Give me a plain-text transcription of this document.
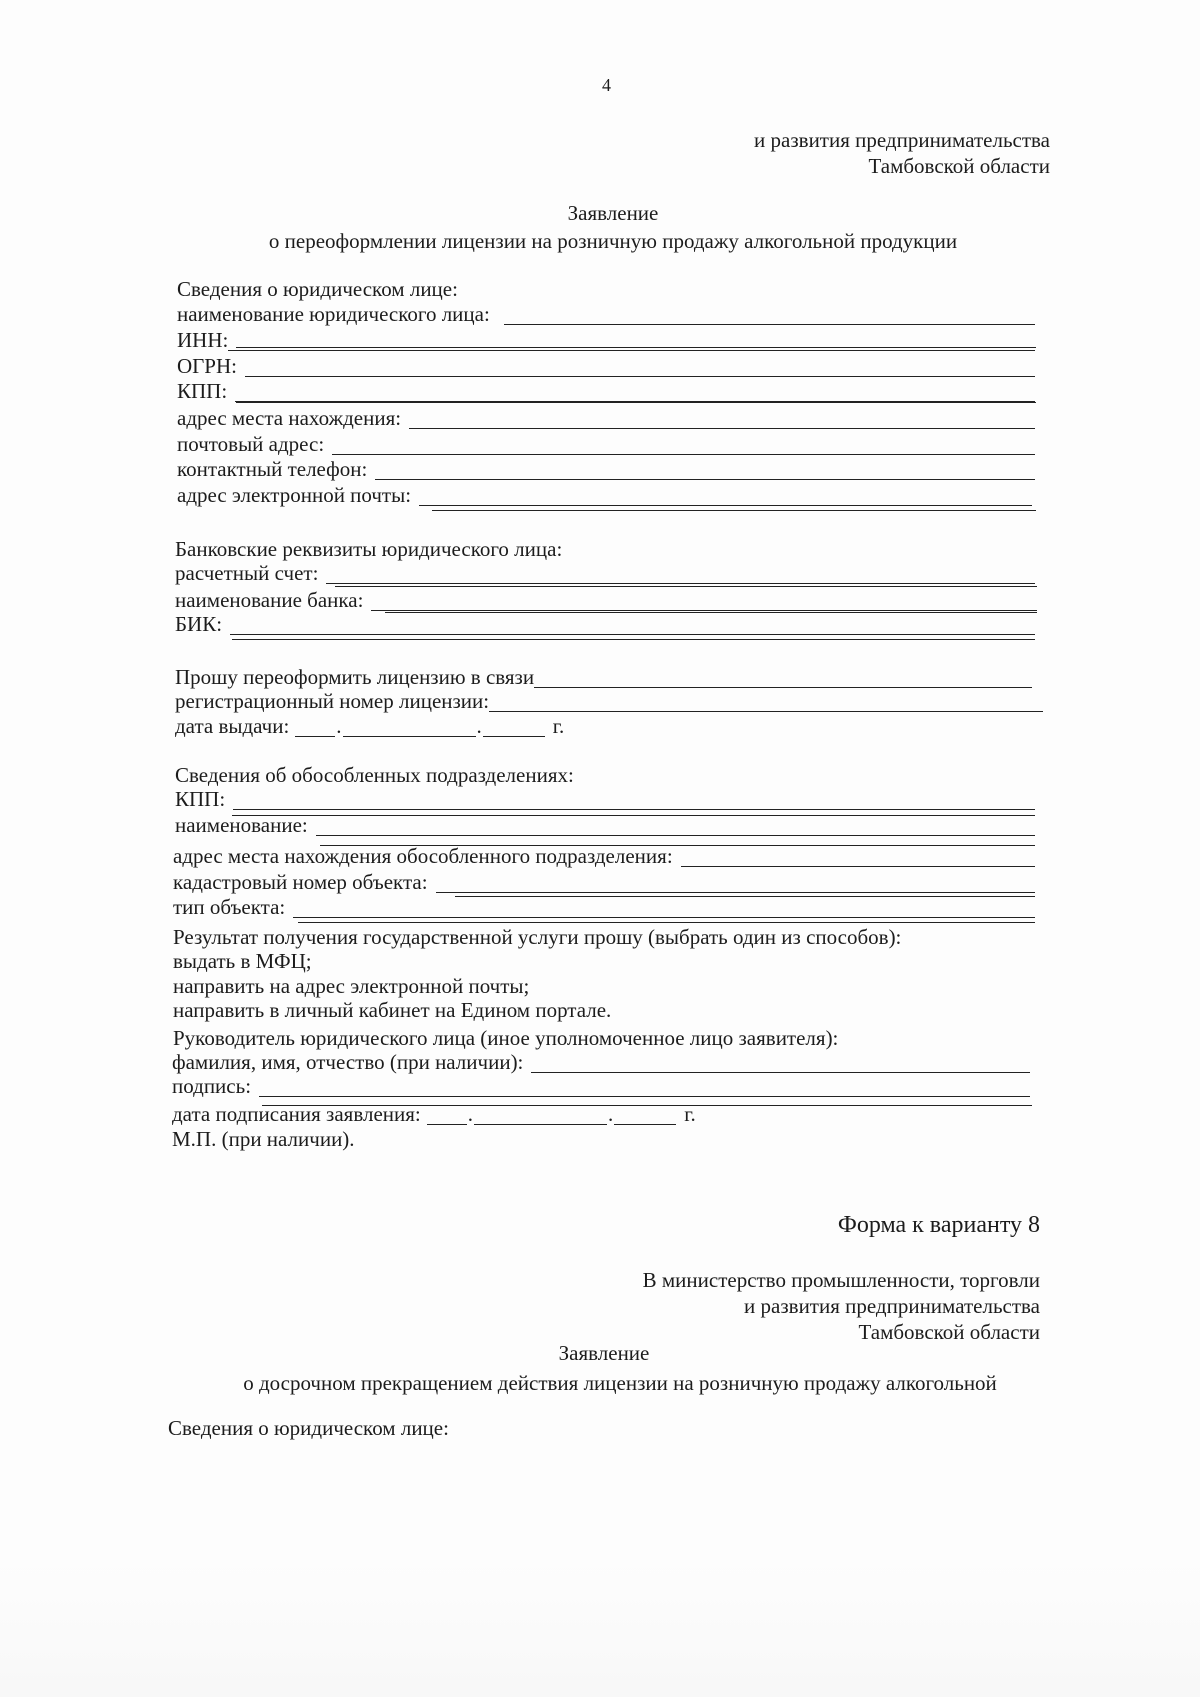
4
и развития предпринимательства
Тамбовской области
Заявление
о переоформлении лицензии на розничную продажу алкогольной продукции
Сведения о юридическом лице:
наименование юридического лица:
ИНН:
ОГРН:
КПП:
адрес места нахождения:
почтовый адрес:
контактный телефон:
адрес электронной почты:
Банковские реквизиты юридического лица:
расчетный счет:
наименование банка:
БИК:
Прошу переоформить лицензию в связи
регистрационный номер лицензии:
дата выдачи: .	.	г.
Сведения об обособленных подразделениях:
КПП:
наименование:
адрес места нахождения обособленного подразделения:
кадастровый номер объекта:
тип объекта:
Результат получения государственной услуги прошу (выбрать один из способов):
выдать в МФЦ;
направить на адрес электронной почты;
направить в личный кабинет на Едином портале.
Руководитель юридического лица (иное уполномоченное лицо заявителя):
фамилия, имя, отчество (при наличии):
подпись:
дата подписания заявления: .	.	г.
М.П. (при наличии).
Форма к варианту 8
В министерство промышленности, торговли
и развития предпринимательства
Тамбовской области
Заявление
о досрочном прекращением действия лицензии на розничную продажу алкогольной
Сведения о юридическом лице:
